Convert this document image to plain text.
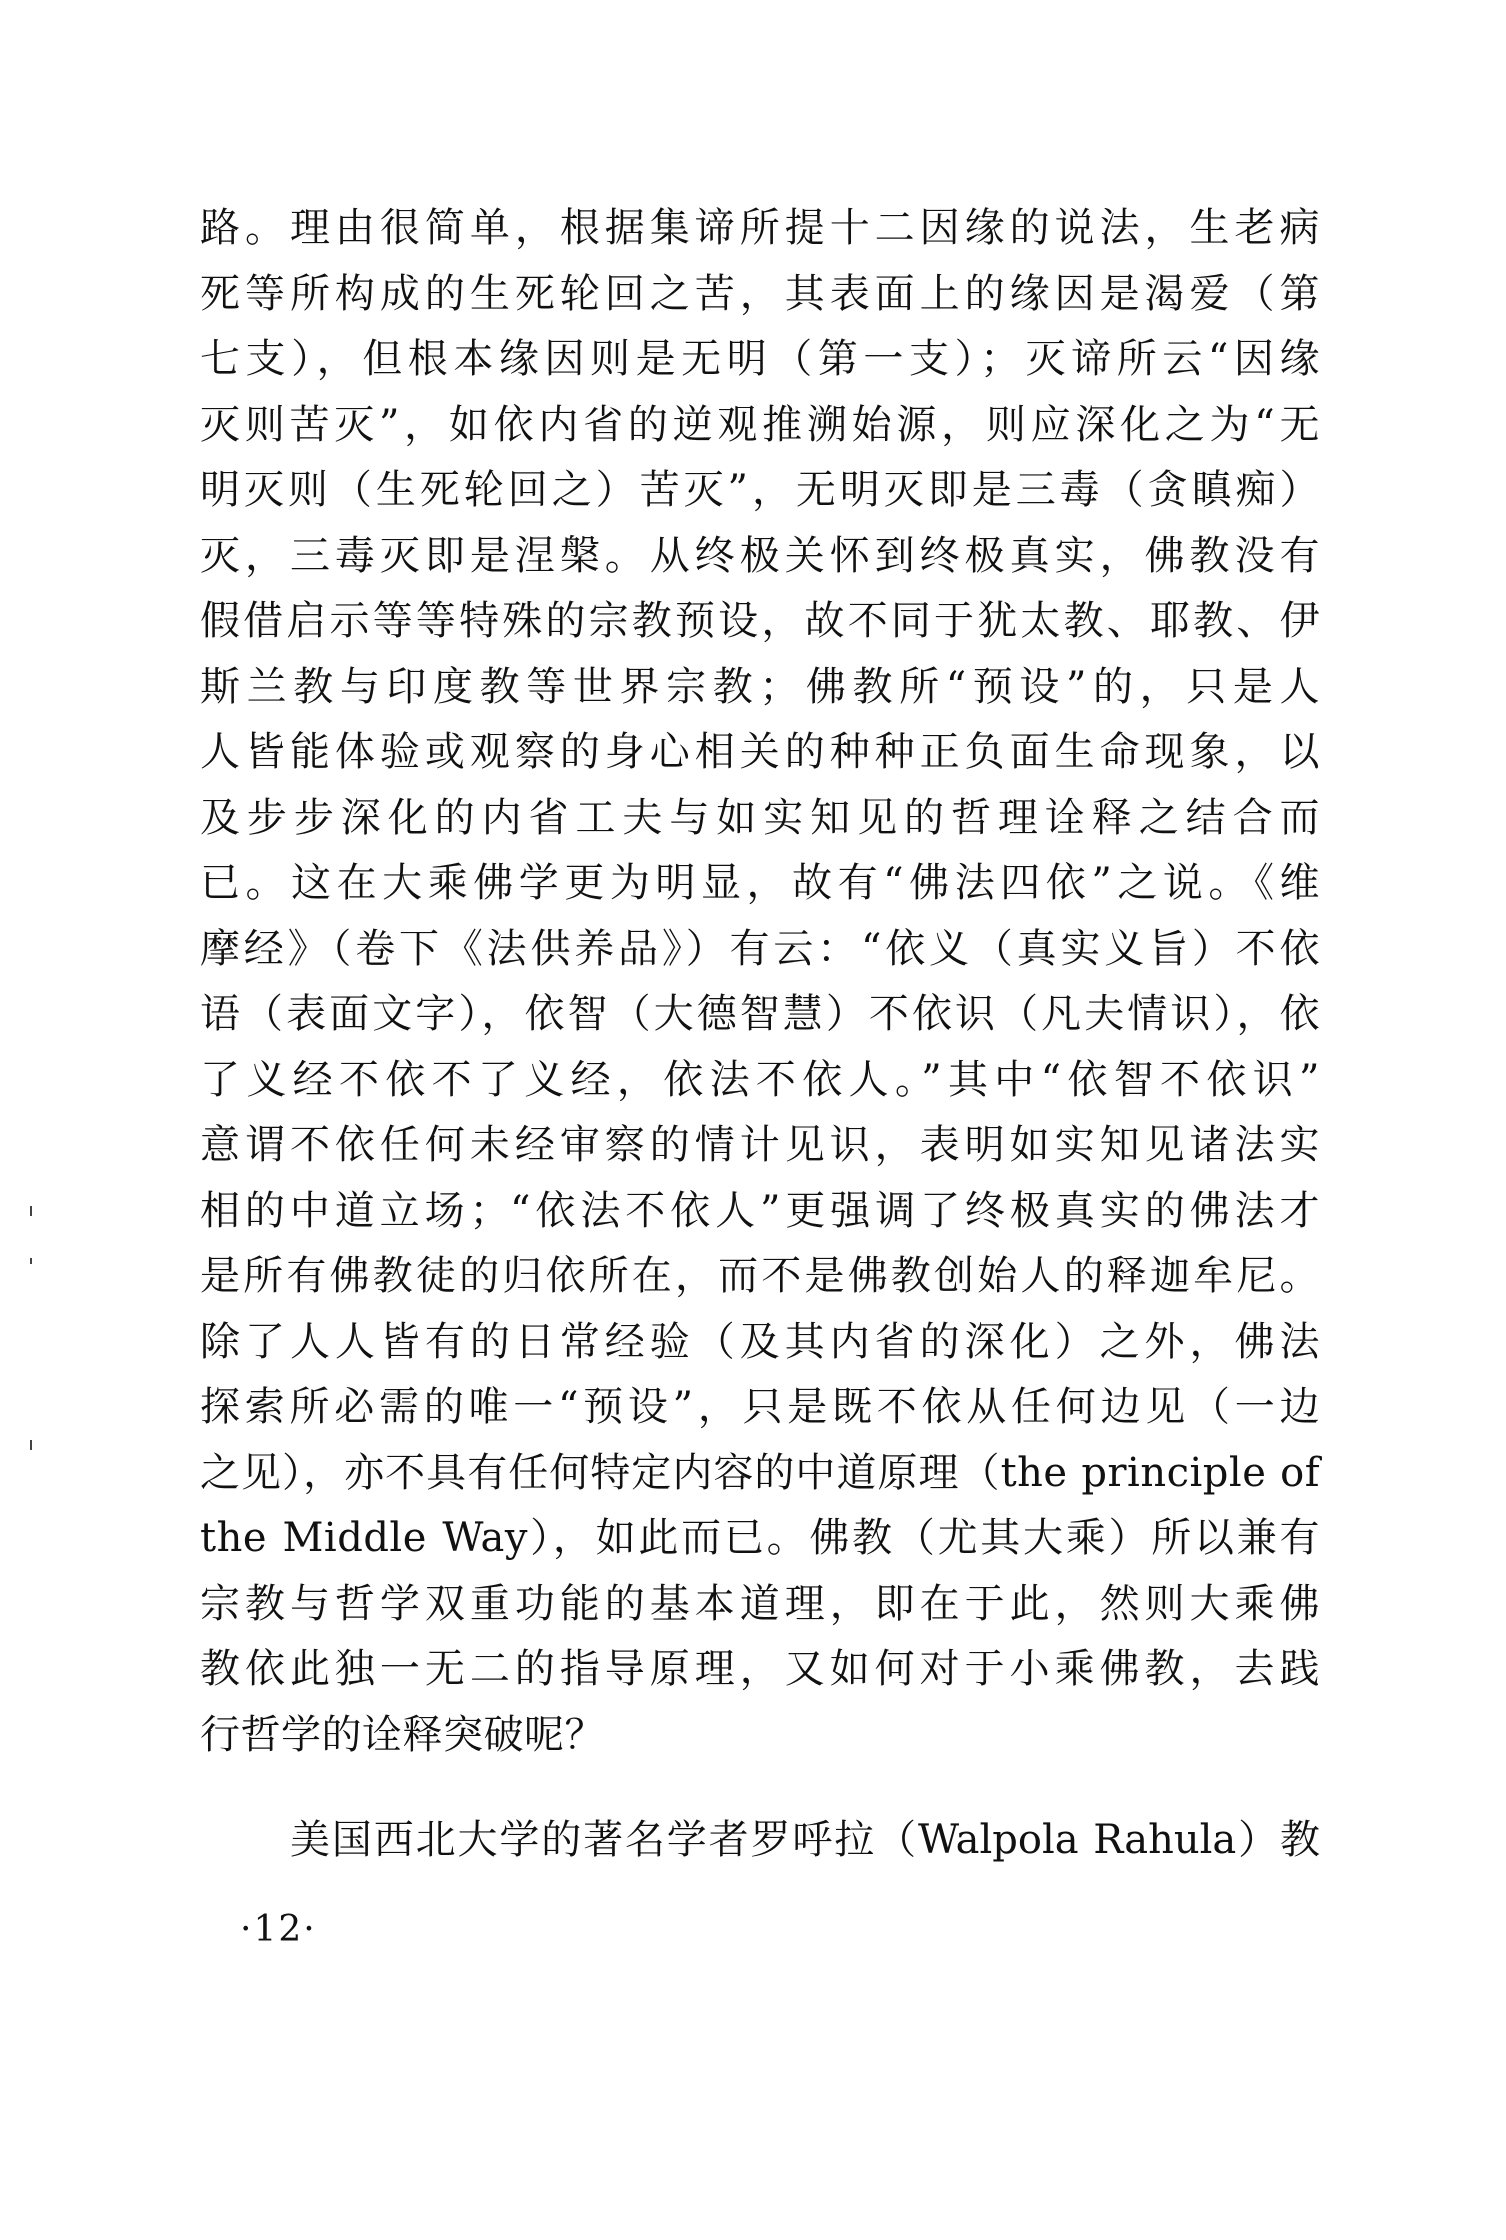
路。理由很简单，根据集谛所提十二因缘的说法，生老病
死等所构成的生死轮回之苦，其表面上的缘因是渴爱（第
七支），但根本缘因则是无明（第一支）；灭谛所云“因缘
灭则苦灭”，如依内省的逆观推溯始源，则应深化之为“无
明灭则（生死轮回之）苦灭”，无明灭即是三毒（贪瞋痴）
灭，三毒灭即是涅槃。从终极关怀到终极真实，佛教没有
假借启示等等特殊的宗教预设，故不同于犹太教、耶教、伊
斯兰教与印度教等世界宗教；佛教所“预设”的，只是人
人皆能体验或观察的身心相关的种种正负面生命现象，以
及步步深化的内省工夫与如实知见的哲理诠释之结合而
已。这在大乘佛学更为明显，故有“佛法四依”之说。《维
摩经》（卷下《法供养品》）有云：“依义（真实义旨）不依
语（表面文字），依智（大德智慧）不依识（凡夫情识），依
了义经不依不了义经，依法不依人。”其中“依智不依识”
意谓不依任何未经审察的情计见识，表明如实知见诸法实
相的中道立场；“依法不依人”更强调了终极真实的佛法才
是所有佛教徒的归依所在，而不是佛教创始人的释迦牟尼。
除了人人皆有的日常经验（及其内省的深化）之外，佛法
探索所必需的唯一“预设”，只是既不依从任何边见（一边
之见），亦不具有任何特定内容的中道原理（the principle of
the Middle Way），如此而已。佛教（尤其大乘）所以兼有
宗教与哲学双重功能的基本道理，即在于此，然则大乘佛
教依此独一无二的指导原理，又如何对于小乘佛教，去践
行哲学的诠释突破呢？
美国西北大学的著名学者罗呼拉（Walpola Rahula）教
·12·
